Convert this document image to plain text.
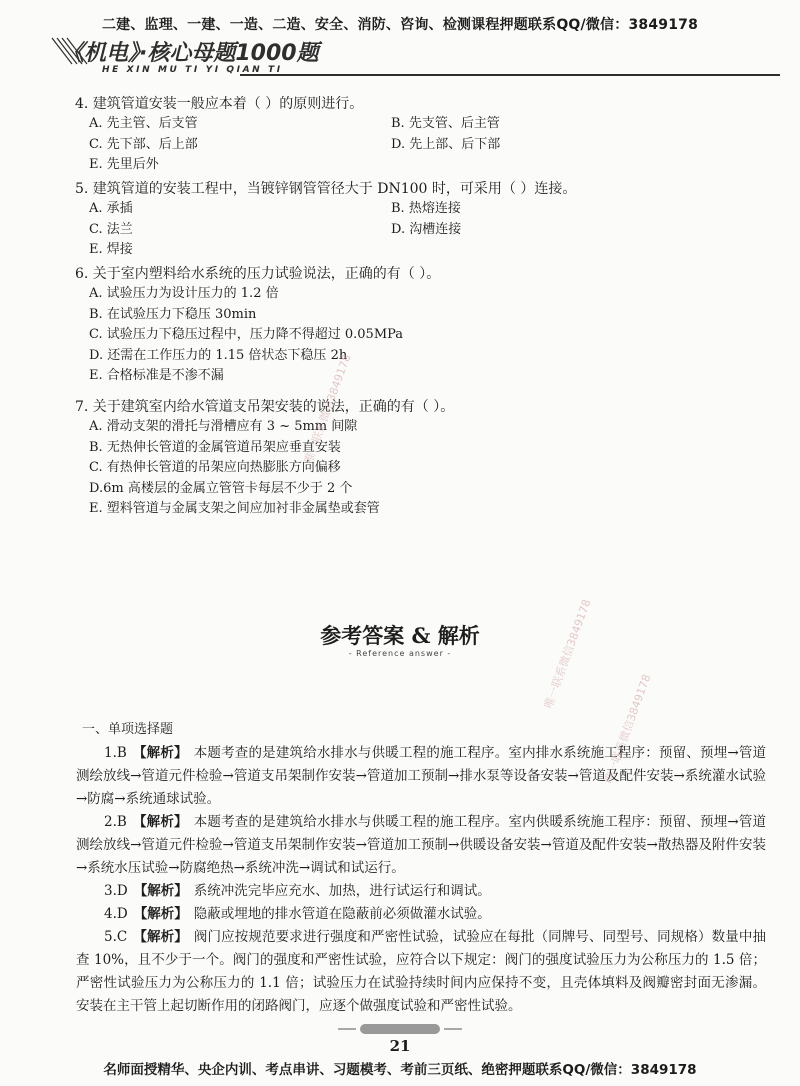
二建、监理、一建、一造、二造、安全、消防、咨询、检测课程押题联系QQ/微信：3849178
《机电》·核心母题1000题
HE XIN MU TI YI QIAN TI

4. 建筑管道安装一般应本着（ ）的原则进行。

A. 先主管、后支管	B. 先支管、后主管
C. 先下部、后上部	D. 先上部、后下部
E. 先里后外

5. 建筑管道的安装工程中，当镀锌钢管管径大于 DN100 时，可采用（ ）连接。

A. 承插	B. 热熔连接
C. 法兰	D. 沟槽连接
E. 焊接

6. 关于室内塑料给水系统的压力试验说法，正确的有（ ）。

A. 试验压力为设计压力的 1.2 倍
B. 在试验压力下稳压 30min
C. 试验压力下稳压过程中，压力降不得超过 0.05MPa
D. 还需在工作压力的 1.15 倍状态下稳压 2h
E. 合格标准是不渗不漏

7. 关于建筑室内给水管道支吊架安装的说法，正确的有（ ）。

A. 滑动支架的滑托与滑槽应有 3 ~ 5mm 间隙
B. 无热伸长管道的金属管道吊架应垂直安装
C. 有热伸长管道的吊架应向热膨胀方向偏移
D.6m 高楼层的金属立管管卡每层不少于 2 个
E. 塑料管道与金属支架之间应加衬非金属垫或套管
唯一联系微信3849178
唯一联系微信3849178
唯一联系微信3849178
参考答案 & 解析
- Reference answer -
一、单项选择题

1.B 【解析】 本题考查的是建筑给水排水与供暖工程的施工程序。室内排水系统施工程序：预留、预埋→管道测绘放线→管道元件检验→管道支吊架制作安装→管道加工预制→排水泵等设备安装→管道及配件安装→系统灌水试验→防腐→系统通球试验。

2.B 【解析】 本题考查的是建筑给水排水与供暖工程的施工程序。室内供暖系统施工程序：预留、预埋→管道测绘放线→管道元件检验→管道支吊架制作安装→管道加工预制→供暖设备安装→管道及配件安装→散热器及附件安装→系统水压试验→防腐绝热→系统冲洗→调试和试运行。

3.D 【解析】 系统冲洗完毕应充水、加热，进行试运行和调试。

4.D 【解析】 隐蔽或埋地的排水管道在隐蔽前必须做灌水试验。

5.C 【解析】 阀门应按规范要求进行强度和严密性试验，试验应在每批（同牌号、同型号、同规格）数量中抽查 10%，且不少于一个。阀门的强度和严密性试验，应符合以下规定：阀门的强度试验压力为公称压力的 1.5 倍；严密性试验压力为公称压力的 1.1 倍；试验压力在试验持续时间内应保持不变，且壳体填料及阀瓣密封面无渗漏。安装在主干管上起切断作用的闭路阀门，应逐个做强度试验和严密性试验。

21
名师面授精华、央企内训、考点串讲、习题模考、考前三页纸、绝密押题联系QQ/微信：3849178
